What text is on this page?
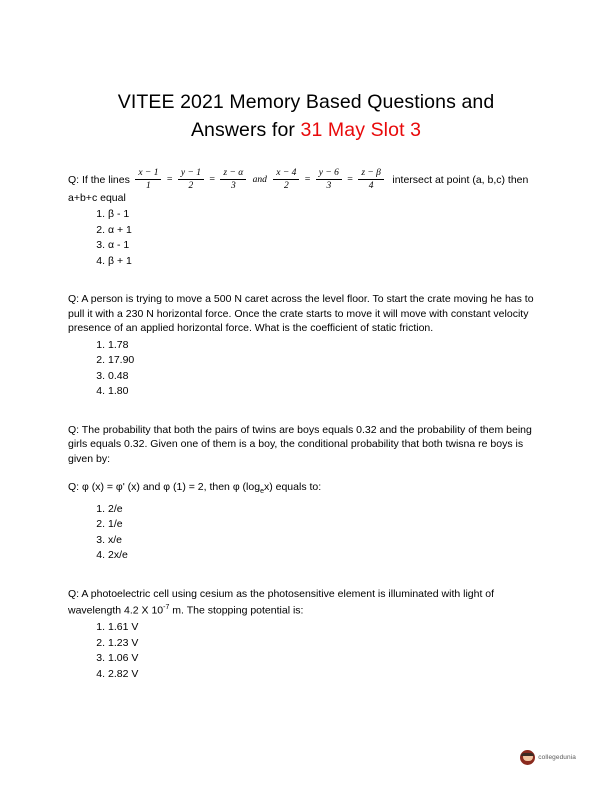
VITEE 2021 Memory Based Questions and
Answers for 31 May Slot 3
Q: If the lines $\frac{x - 1}{1} = \frac{y - 1}{2} = \frac{z - \alpha}{3}$ and $\frac{x - 4}{2} = \frac{y - 6}{3} = \frac{z - \beta}{4}$ intersect at point (a, b,c) then
a+b+c equal
1. β - 1
2. α + 1
3. α - 1
4. β + 1
Q: A person is trying to move a 500 N caret across the level floor. To start the crate moving he has to pull it with a 230 N horizontal force. Once the crate starts to move it will move with constant velocity presence of an applied horizontal force. What is the coefficient of static friction.
1. 1.78
2. 17.90
3. 0.48
4. 1.80
Q: The probability that both the pairs of twins are boys equals 0.32 and the probability of them being girls equals 0.32. Given one of them is a boy, the conditional probability that both twisna re boys is given by:
Q: φ (x) = φ' (x) and φ (1) = 2, then φ $(\log_ex)$ equals to:
1. 2/e
2. 1/e
3. x/e
4. 2x/e
Q: A photoelectric cell using cesium as the photosensitive element is illuminated with light of wavelength 4.2 X $10^{-7}$ m. The stopping potential is:
1. 1.61 V
2. 1.23 V
3. 1.06 V
4. 2.82 V
collegedunia
